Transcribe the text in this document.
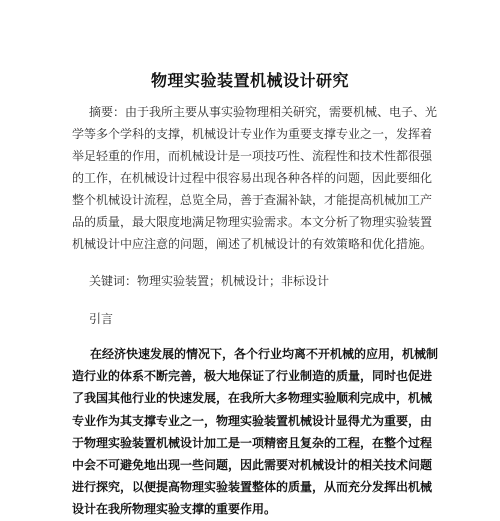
物理实验装置机械设计研究
摘要：由于我所主要从事实验物理相关研究，需要机械、电子、光
学等多个学科的支撑，机械设计专业作为重要支撑专业之一，发挥着
举足轻重的作用，而机械设计是一项技巧性、流程性和技术性都很强
的工作，在机械设计过程中很容易出现各种各样的问题，因此要细化
整个机械设计流程，总览全局，善于查漏补缺，才能提高机械加工产
品的质量，最大限度地满足物理实验需求。本文分析了物理实验装置
机械设计中应注意的问题，阐述了机械设计的有效策略和优化措施。
关键词：物理实验装置；机械设计；非标设计
引言
在经济快速发展的情况下，各个行业均离不开机械的应用，机械制
造行业的体系不断完善，极大地保证了行业制造的质量，同时也促进
了我国其他行业的快速发展，在我所大多物理实验顺利完成中，机械
专业作为其支撑专业之一，物理实验装置机械设计显得尤为重要，由
于物理实验装置机械设计加工是一项精密且复杂的工程，在整个过程
中会不可避免地出现一些问题，因此需要对机械设计的相关技术问题
进行探究，以便提高物理实验装置整体的质量，从而充分发挥出机械
设计在我所物理实验支撑的重要作用。
